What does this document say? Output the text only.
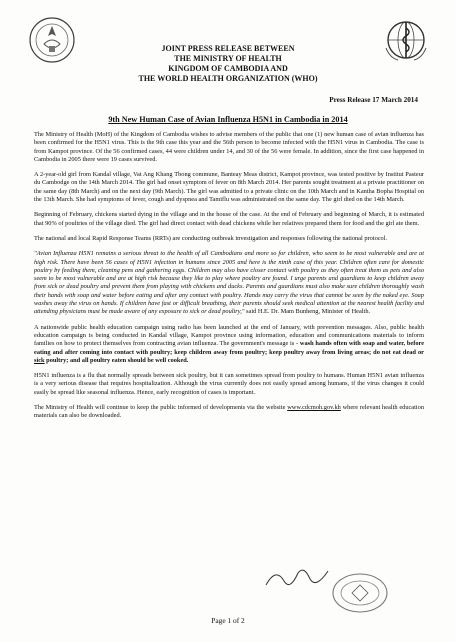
JOINT PRESS RELEASE BETWEEN
THE MINISTRY OF HEALTH
KINGDOM OF CAMBODIA AND
THE WORLD HEALTH ORGANIZATION (WHO)
Press Release 17 March 2014
9th New Human Case of Avian Influenza H5N1 in Cambodia in 2014

The Ministry of Health (MoH) of the Kingdom of Cambodia wishes to advise members of the public that one (1) new human case of avian influenza has been confirmed for the H5N1 virus. This is the 9th case this year and the 56th person to become infected with the H5N1 virus in Cambodia. The case is from Kampot province. Of the 56 confirmed cases, 44 were children under 14, and 30 of the 56 were female. In addition, since the first case happened in Cambodia in 2005 there were 19 cases survived.

A 2-year-old girl from Kandal village, Vat Ang Khang Tbong commune, Banteay Meas district, Kampot province, was tested positive by Institut Pasteur du Cambodge on the 14th March 2014. The girl had onset symptom of fever on 8th March 2014. Her parents sought treatment at a private practitioner on the same day (8th March) and on the next day (9th March). The girl was admitted to a private clinic on the 10th March and in Kantha Bopha Hospital on the 13th March. She had symptoms of fever, cough and dyspnea and Tamiflu was administrated on the same day. The girl died on the 14th March.

Beginning of February, chickens started dying in the village and in the house of the case. At the end of February and beginning of March, it is estimated that 90% of poultries of the village died. The girl had direct contact with dead chickens while her relatives prepared them for food and the girl ate them.

The national and local Rapid Response Teams (RRTs) are conducting outbreak investigation and responses following the national protocol.

"Avian Influenza H5N1 remains a serious threat to the health of all Cambodians and more so for children, who seem to be most vulnerable and are at high risk. There have been 56 cases of H5N1 infection in humans since 2005 and here is the ninth case of this year. Children often care for domestic poultry by feeding them, cleaning pens and gathering eggs. Children may also have closer contact with poultry as they often treat them as pets and also seem to be most vulnerable and are at high risk because they like to play where poultry are found. I urge parents and guardians to keep children away from sick or dead poultry and prevent them from playing with chickens and ducks. Parents and guardians must also make sure children thoroughly wash their hands with soap and water before eating and after any contact with poultry. Hands may carry the virus that cannot be seen by the naked eye. Soap washes away the virus on hands. If children have fast or difficult breathing, their parents should seek medical attention at the nearest health facility and attending physicians must be made aware of any exposure to sick or dead poultry," said H.E. Dr. Mam Bunheng, Minister of Health.

A nationwide public health education campaign using radio has been launched at the end of January, with prevention messages. Also, public health education campaign is being conducted in Kandal village, Kampot province using information, education and communications materials to inform families on how to protect themselves from contracting avian influenza. The government's message is - wash hands often with soap and water, before eating and after coming into contact with poultry; keep children away from poultry; keep poultry away from living areas; do not eat dead or sick poultry; and all poultry eaten should be well cooked.

H5N1 influenza is a flu that normally spreads between sick poultry, but it can sometimes spread from poultry to humans. Human H5N1 avian influenza is a very serious disease that requires hospitalization. Although the virus currently does not easily spread among humans, if the virus changes it could easily be spread like seasonal influenza. Hence, early recognition of cases is important.

The Ministry of Health will continue to keep the public informed of developments via the website www.cdcmoh.gov.kh where relevant health education materials can also be downloaded.

Page 1 of 2
